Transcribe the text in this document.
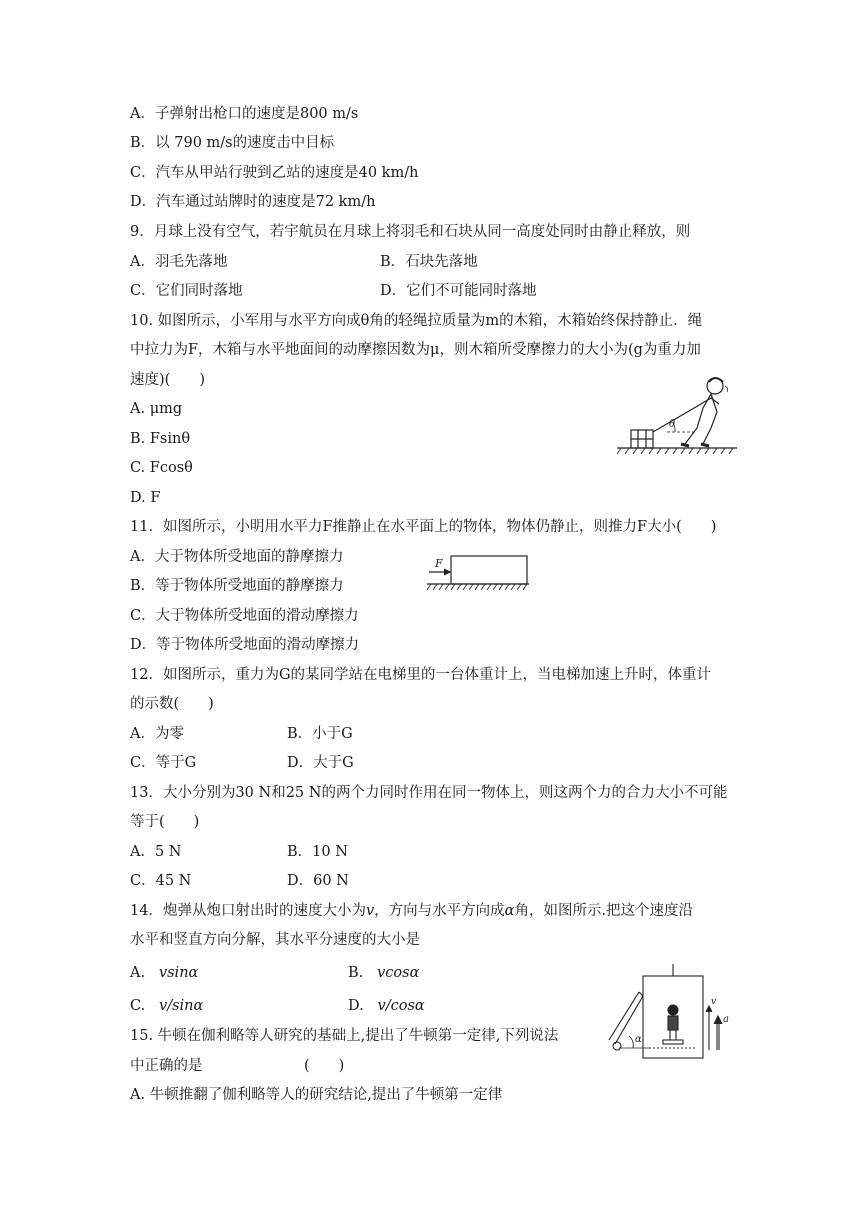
A．子弹射出枪口的速度是800 m/s
B．以 790 m/s的速度击中目标
C．汽车从甲站行驶到乙站的速度是40 km/h
D．汽车通过站牌时的速度是72 km/h
9．月球上没有空气，若宇航员在月球上将羽毛和石块从同一高度处同时由静止释放，则
A．羽毛先落地	B．石块先落地
C．它们同时落地	D．它们不可能同时落地
10. 如图所示，小军用与水平方向成θ角的轻绳拉质量为m的木箱，木箱始终保持静止．绳
中拉力为F，木箱与水平地面间的动摩擦因数为μ，则木箱所受摩擦力的大小为(g为重力加
速度)(　　)
A. μmg
B. Fsinθ
C. Fcosθ
D. F
θ
11．如图所示，小明用水平力F推静止在水平面上的物体，物体仍静止，则推力F大小(　　)
A．大于物体所受地面的静摩擦力
B．等于物体所受地面的静摩擦力
C．大于物体所受地面的滑动摩擦力
D．等于物体所受地面的滑动摩擦力
F
12．如图所示，重力为G的某同学站在电梯里的一台体重计上，当电梯加速上升时，体重计
的示数(　　)
A．为零	B．小于G
C．等于G	D．大于G
13．大小分别为30 N和25 N的两个力同时作用在同一物体上，则这两个力的合力大小不可能
等于(　　)
A．5 N	B．10 N
C．45 N	D．60 N
14．炮弹从炮口射出时的速度大小为v，方向与水平方向成α角，如图所示.把这个速度沿
水平和竖直方向分解，其水平分速度的大小是
A. vsinα	B. vcosα
C. v/sinα	D. v/cosα
α
v
a
15. 牛顿在伽利略等人研究的基础上,提出了牛顿第一定律,下列说法
中正确的是　　　　　　　(　　)
A. 牛顿推翻了伽利略等人的研究结论,提出了牛顿第一定律
